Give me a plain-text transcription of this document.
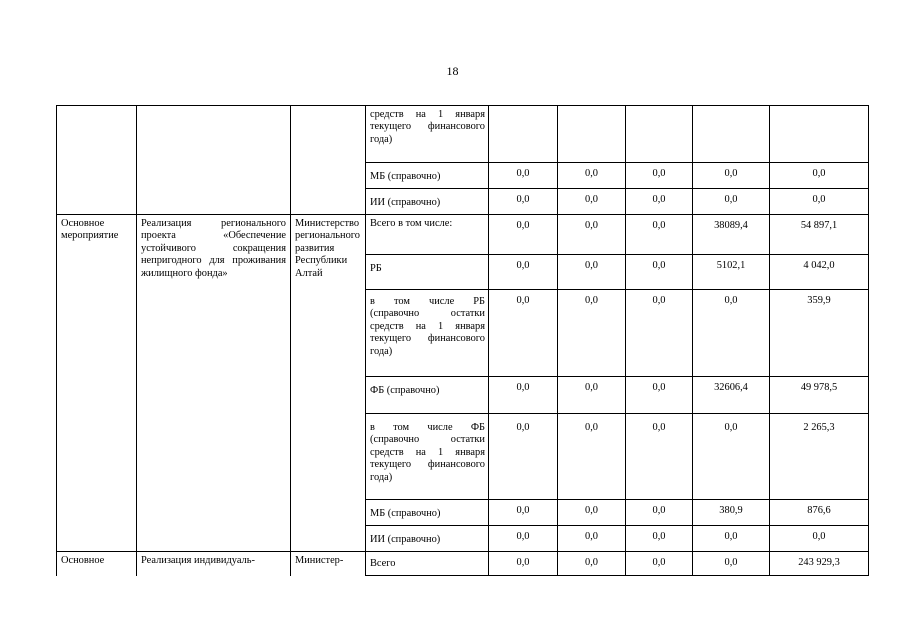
18
			средств на 1 января текущего финансового года)					
			МБ (справочно)	0,0	0,0	0,0	0,0	0,0
			ИИ (справочно)	0,0	0,0	0,0	0,0	0,0
Основное мероприятие	Реализация регионального проекта «Обеспечение устойчивого сокращения непригодного для проживания жилищного фонда»	Министерство регионального развития Республики Алтай	Всего в том числе:	0,0	0,0	0,0	38089,4	54 897,1
			РБ	0,0	0,0	0,0	5102,1	4 042,0
			в том числе РБ (справочно остатки средств на 1 января текущего финансового года)	0,0	0,0	0,0	0,0	359,9
			ФБ (справочно)	0,0	0,0	0,0	32606,4	49 978,5
			в том числе ФБ (справочно остатки средств на 1 января текущего финансового года)	0,0	0,0	0,0	0,0	2 265,3
			МБ (справочно)	0,0	0,0	0,0	380,9	876,6
			ИИ (справочно)	0,0	0,0	0,0	0,0	0,0
Основное	Реализация индивидуаль-	Министер-	Всего	0,0	0,0	0,0	0,0	243 929,3
